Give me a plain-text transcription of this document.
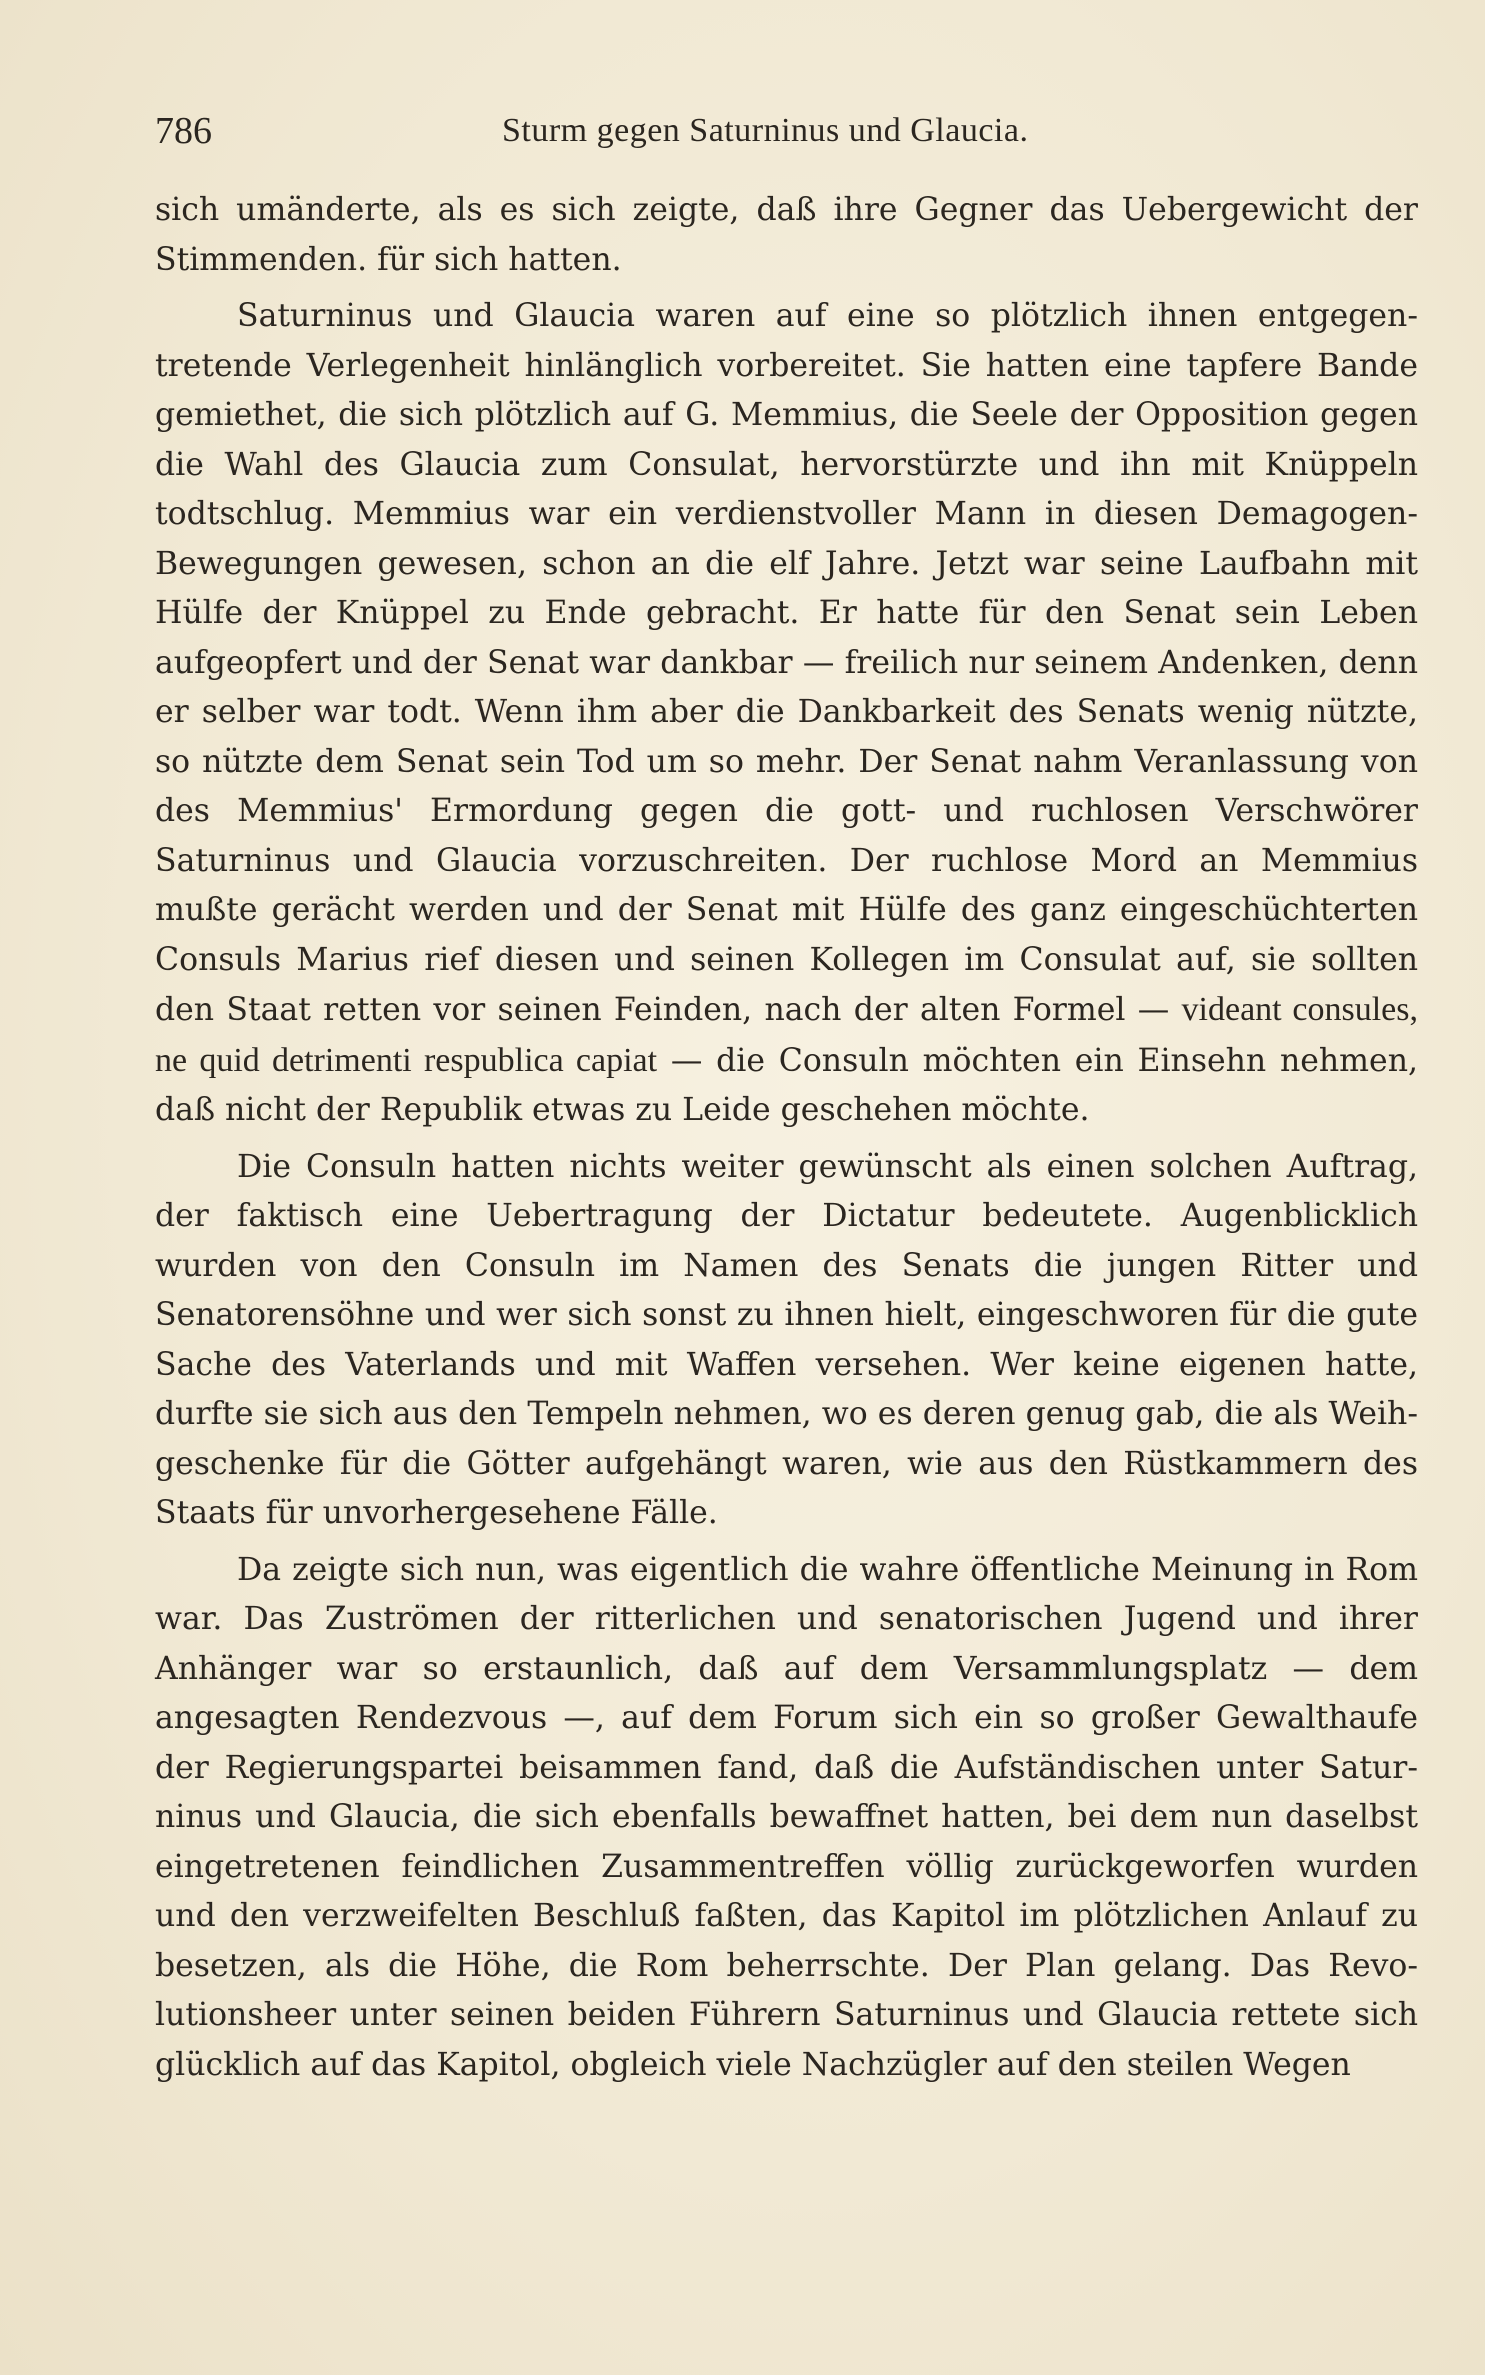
786	Sturm gegen Saturninus und Glaucia.

sich umänderte, als es sich zeigte, daß ihre Gegner das Uebergewicht der Stimmenden. für sich hatten.

Saturninus und Glaucia waren auf eine so plötzlich ihnen entgegentretende Verlegenheit hinlänglich vorbereitet. Sie hatten eine tapfere Bande gemiethet, die sich plötzlich auf G. Memmius, die Seele der Opposition gegen die Wahl des Glaucia zum Consulat, hervorstürzte und ihn mit Knüppeln todtschlug. Memmius war ein verdienstvoller Mann in diesen Demagogen-Bewegungen gewesen, schon an die elf Jahre. Jetzt war seine Laufbahn mit Hülfe der Knüppel zu Ende gebracht. Er hatte für den Senat sein Leben aufgeopfert und der Senat war dankbar — freilich nur seinem Andenken, denn er selber war todt. Wenn ihm aber die Dankbarkeit des Senats wenig nützte, so nützte dem Senat sein Tod um so mehr. Der Senat nahm Veranlassung von des Memmius' Ermordung gegen die gott- und ruchlosen Verschwörer Saturninus und Glaucia vorzuschreiten. Der ruchlose Mord an Memmius mußte gerächt werden und der Senat mit Hülfe des ganz eingeschüchterten Consuls Marius rief diesen und seinen Kollegen im Consulat auf, sie sollten den Staat retten vor seinen Feinden, nach der alten Formel — videant consules, ne quid detrimenti respublica capiat — die Consuln möchten ein Einsehn nehmen, daß nicht der Republik etwas zu Leide geschehen möchte.

Die Consuln hatten nichts weiter gewünscht als einen solchen Auftrag, der faktisch eine Uebertragung der Dictatur bedeutete. Augenblicklich wurden von den Consuln im Namen des Senats die jungen Ritter und Senatorensöhne und wer sich sonst zu ihnen hielt, eingeschworen für die gute Sache des Vaterlands und mit Waffen versehen. Wer keine eigenen hatte, durfte sie sich aus den Tempeln nehmen, wo es deren genug gab, die als Weihgeschenke für die Götter aufgehängt waren, wie aus den Rüstkammern des Staats für unvorhergesehene Fälle.

Da zeigte sich nun, was eigentlich die wahre öffentliche Meinung in Rom war. Das Zuströmen der ritterlichen und senatorischen Jugend und ihrer Anhänger war so erstaunlich, daß auf dem Versammlungsplatz — dem angesagten Rendezvous —, auf dem Forum sich ein so großer Gewalthaufe der Regierungspartei beisammen fand, daß die Aufständischen unter Saturninus und Glaucia, die sich ebenfalls bewaffnet hatten, bei dem nun daselbst eingetretenen feindlichen Zusammentreffen völlig zurückgeworfen wurden und den verzweifelten Beschluß faßten, das Kapitol im plötzlichen Anlauf zu besetzen, als die Höhe, die Rom beherrschte. Der Plan gelang. Das Revolutionsheer unter seinen beiden Führern Saturninus und Glaucia rettete sich glücklich auf das Kapitol, obgleich viele Nachzügler auf den steilen Wegen
